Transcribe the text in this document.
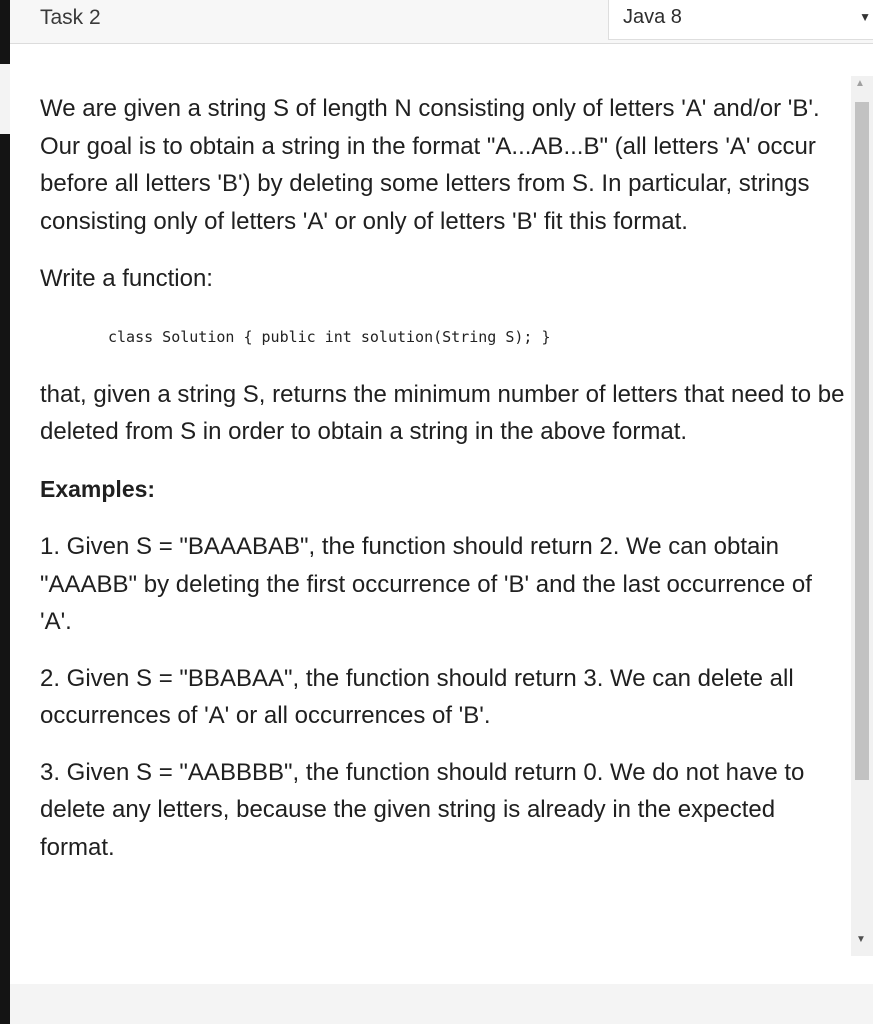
Task 2	Java 8	▼

We are given a string S of length N consisting only of letters 'A' and/or 'B'. Our goal is to obtain a string in the format "A...AB...B" (all letters 'A' occur before all letters 'B') by deleting some letters from S. In particular, strings consisting only of letters 'A' or only of letters 'B' fit this format.

Write a function:

class Solution { public int solution(String S); }

that, given a string S, returns the minimum number of letters that need to be deleted from S in order to obtain a string in the above format.

Examples:

1. Given S = "BAAABAB", the function should return 2. We can obtain "AAABB" by deleting the first occurrence of 'B' and the last occurrence of 'A'.

2. Given S = "BBABAA", the function should return 3. We can delete all occurrences of 'A' or all occurrences of 'B'.

3. Given S = "AABBBB", the function should return 0. We do not have to delete any letters, because the given string is already in the expected format.

▲
▼
